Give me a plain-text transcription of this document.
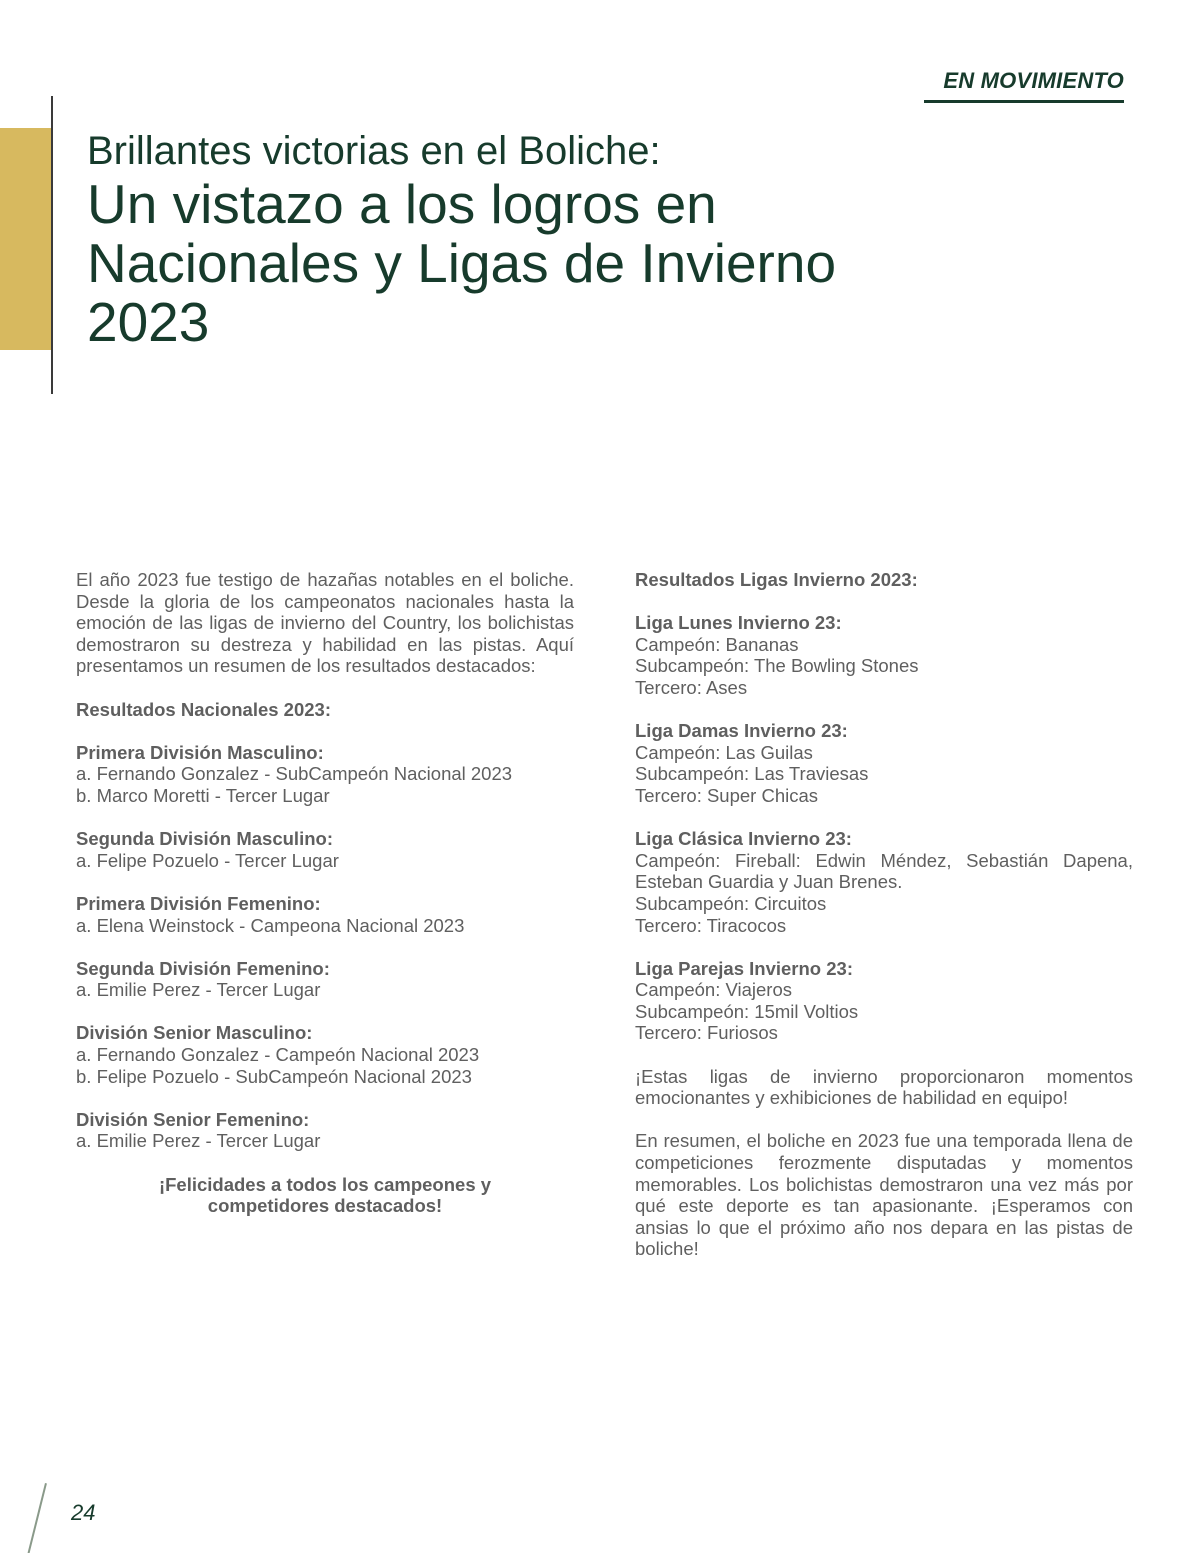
EN MOVIMIENTO
Brillantes victorias en el Boliche:
Un vistazo a los logros en
Nacionales y Ligas de Invierno
2023

El año 2023 fue testigo de hazañas notables en el boliche. Desde la gloria de los campeonatos nacionales hasta la emoción de las ligas de invierno del Country, los bolichistas demostraron su destreza y habilidad en las pistas. Aquí presentamos un resumen de los resultados destacados:

Resultados Nacionales 2023:

Primera División Masculino:

a. Fernando Gonzalez - SubCampeón Nacional 2023

b. Marco Moretti - Tercer Lugar

Segunda División Masculino:

a. Felipe Pozuelo - Tercer Lugar

Primera División Femenino:

a. Elena Weinstock - Campeona Nacional 2023

Segunda División Femenino:

a. Emilie Perez - Tercer Lugar

División Senior Masculino:

a. Fernando Gonzalez - Campeón Nacional 2023

b. Felipe Pozuelo - SubCampeón Nacional 2023

División Senior Femenino:

a. Emilie Perez - Tercer Lugar

¡Felicidades a todos los campeones y

competidores destacados!

Resultados Ligas Invierno 2023:

Liga Lunes Invierno 23:

Campeón: Bananas

Subcampeón: The Bowling Stones

Tercero: Ases

Liga Damas Invierno 23:

Campeón: Las Guilas

Subcampeón: Las Traviesas

Tercero: Super Chicas

Liga Clásica Invierno 23:

Campeón: Fireball: Edwin Méndez, Sebastián Dapena, Esteban Guardia y Juan Brenes.

Subcampeón: Circuitos

Tercero: Tiracocos

Liga Parejas Invierno 23:

Campeón: Viajeros

Subcampeón: 15mil Voltios

Tercero: Furiosos

¡Estas ligas de invierno proporcionaron momentos emocionantes y exhibiciones de habilidad en equipo!

En resumen, el boliche en 2023 fue una temporada llena de competiciones ferozmente disputadas y momentos memorables. Los bolichistas demostraron una vez más por qué este deporte es tan apasionante. ¡Esperamos con ansias lo que el próximo año nos depara en las pistas de boliche!

24
